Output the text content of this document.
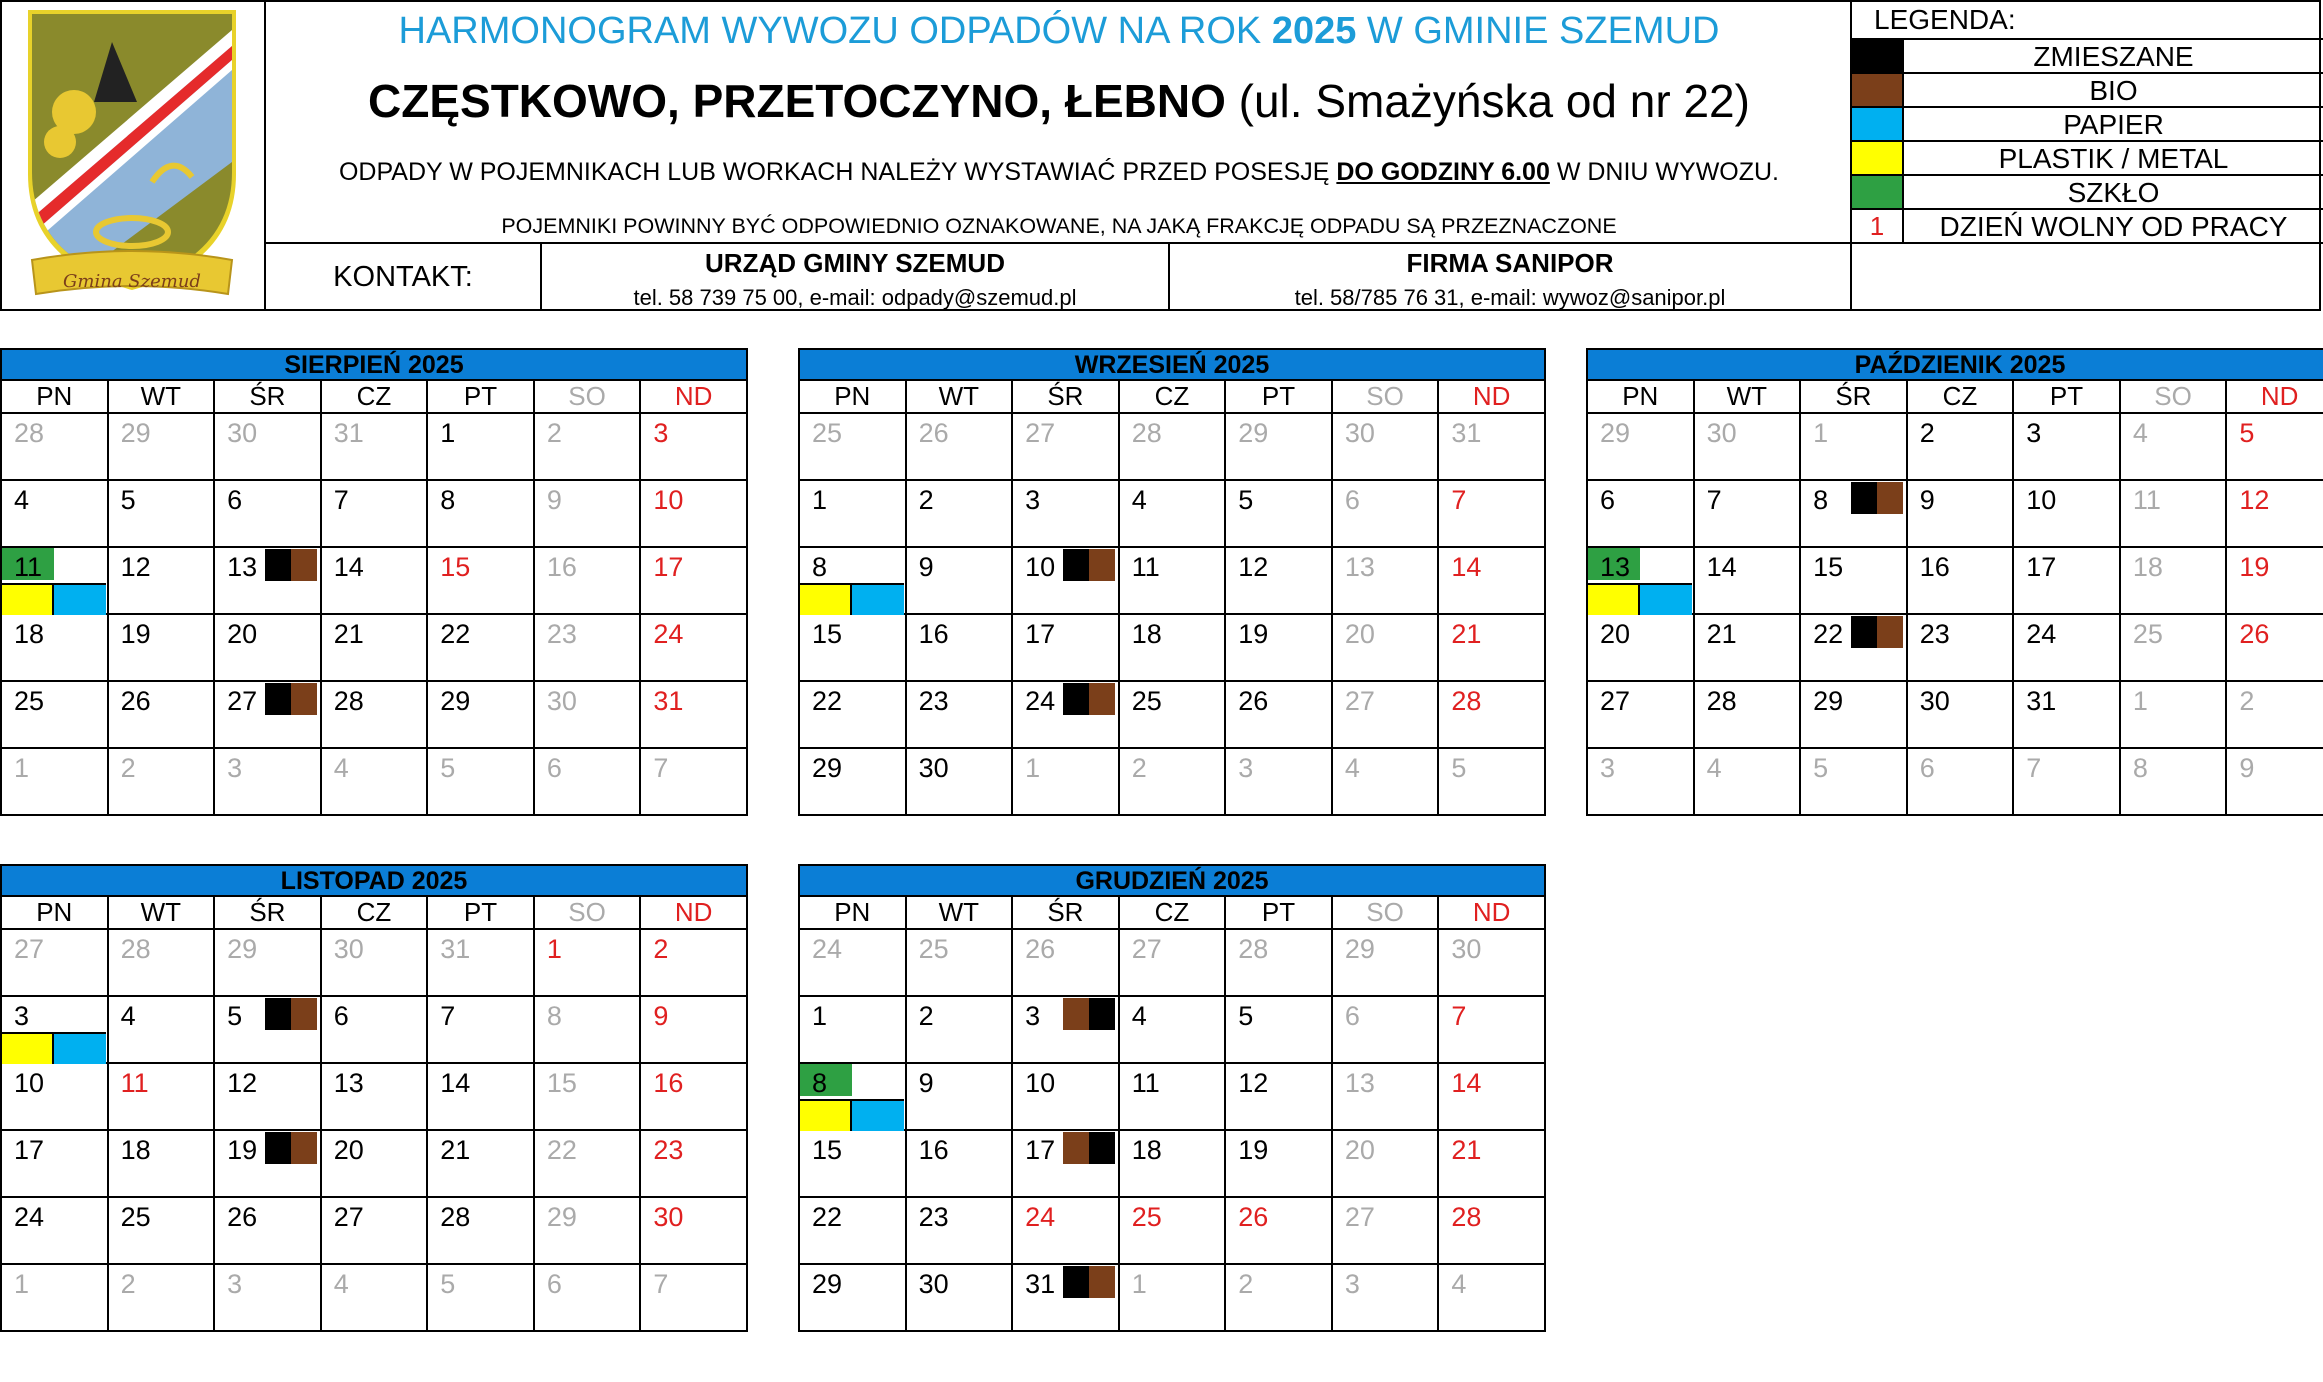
Gmina Szemud
HARMONOGRAM WYWOZU ODPADÓW NA ROK 2025 W GMINIE SZEMUD
CZĘSTKOWO, PRZETOCZYNO, ŁEBNO (ul. Smażyńska od nr 22)
ODPADY W POJEMNIKACH LUB WORKACH NALEŻY WYSTAWIAĆ PRZED POSESJĘ DO GODZINY 6.00 W DNIU WYWOZU.
POJEMNIKI POWINNY BYĆ ODPOWIEDNIO OZNAKOWANE, NA JAKĄ FRAKCJĘ ODPADU SĄ PRZEZNACZONE
KONTAKT:	URZĄD GMINY SZEMUD
tel. 58 739 75 00, e-mail: odpady@szemud.pl
FIRMA SANIPOR
tel. 58/785 76 31, e-mail: wywoz@sanipor.pl
LEGENDA:
ZMIESZANE
BIO
PAPIER
PLASTIK / METAL
SZKŁO
1	DZIEŃ WOLNY OD PRACY
SIERPIEŃ 2025
PN	WT	ŚR	CZ	PT	SO	ND

28	29	30	31	1	2	3

4	5	6	7	8	9	10

11	12	13	14	15	16	17

18	19	20	21	22	23	24

25	26	27	28	29	30	31

1	2	3	4	5	6	7
WRZESIEŃ 2025
PN	WT	ŚR	CZ	PT	SO	ND

25	26	27	28	29	30	31

1	2	3	4	5	6	7

8	9	10	11	12	13	14

15	16	17	18	19	20	21

22	23	24	25	26	27	28

29	30	1	2	3	4	5
PAŹDZIENIK 2025
PN	WT	ŚR	CZ	PT	SO	ND

29	30	1	2	3	4	5

6	7	8	9	10	11	12

13	14	15	16	17	18	19

20	21	22	23	24	25	26

27	28	29	30	31	1	2

3	4	5	6	7	8	9
LISTOPAD 2025
PN	WT	ŚR	CZ	PT	SO	ND

27	28	29	30	31	1	2

3	4	5	6	7	8	9

10	11	12	13	14	15	16

17	18	19	20	21	22	23

24	25	26	27	28	29	30

1	2	3	4	5	6	7
GRUDZIEŃ 2025
PN	WT	ŚR	CZ	PT	SO	ND

24	25	26	27	28	29	30

1	2	3	4	5	6	7

8	9	10	11	12	13	14

15	16	17	18	19	20	21

22	23	24	25	26	27	28

29	30	31	1	2	3	4
